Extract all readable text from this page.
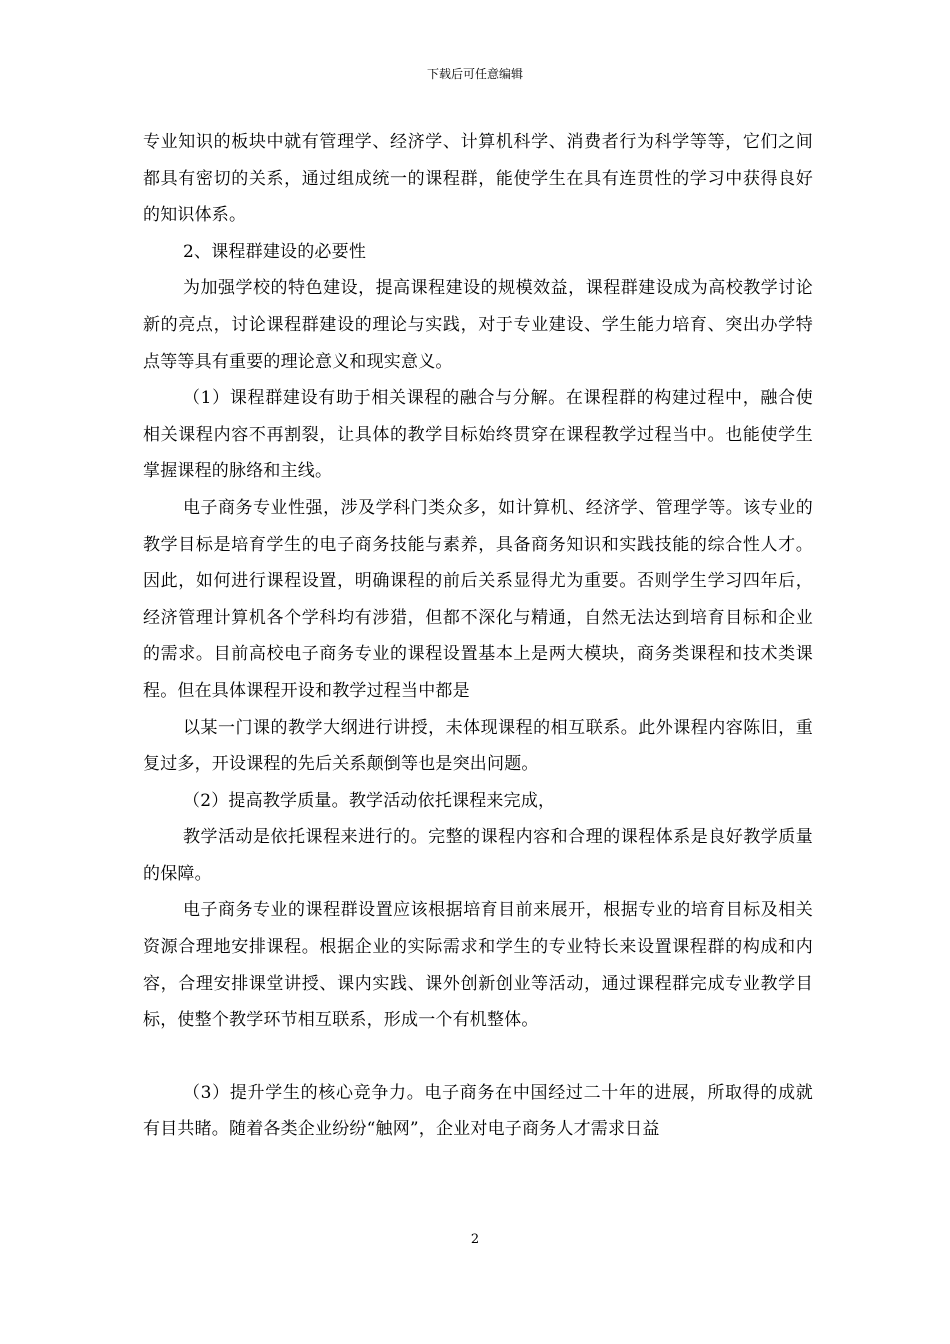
下载后可任意编辑

专业知识的板块中就有管理学、经济学、计算机科学、消费者行为科学等等，它们之间都具有密切的关系，通过组成统一的课程群，能使学生在具有连贯性的学习中获得良好的知识体系。

2、课程群建设的必要性

为加强学校的特色建设，提高课程建设的规模效益，课程群建设成为高校教学讨论新的亮点，讨论课程群建设的理论与实践，对于专业建设、学生能力培育、突出办学特点等等具有重要的理论意义和现实意义。

（1）课程群建设有助于相关课程的融合与分解。在课程群的构建过程中，融合使相关课程内容不再割裂，让具体的教学目标始终贯穿在课程教学过程当中。也能使学生掌握课程的脉络和主线。

电子商务专业性强，涉及学科门类众多，如计算机、经济学、管理学等。该专业的教学目标是培育学生的电子商务技能与素养，具备商务知识和实践技能的综合性人才。因此，如何进行课程设置，明确课程的前后关系显得尤为重要。否则学生学习四年后，经济管理计算机各个学科均有涉猎，但都不深化与精通，自然无法达到培育目标和企业的需求。目前高校电子商务专业的课程设置基本上是两大模块，商务类课程和技术类课程。但在具体课程开设和教学过程当中都是

以某一门课的教学大纲进行讲授，未体现课程的相互联系。此外课程内容陈旧，重复过多，开设课程的先后关系颠倒等也是突出问题。

（2）提高教学质量。教学活动依托课程来完成，

教学活动是依托课程来进行的。完整的课程内容和合理的课程体系是良好教学质量的保障。

电子商务专业的课程群设置应该根据培育目前来展开，根据专业的培育目标及相关资源合理地安排课程。根据企业的实际需求和学生的专业特长来设置课程群的构成和内容，合理安排课堂讲授、课内实践、课外创新创业等活动，通过课程群完成专业教学目标，使整个教学环节相互联系，形成一个有机整体。

（3）提升学生的核心竞争力。电子商务在中国经过二十年的进展，所取得的成就有目共睹。随着各类企业纷纷“触网”，企业对电子商务人才需求日益

2
